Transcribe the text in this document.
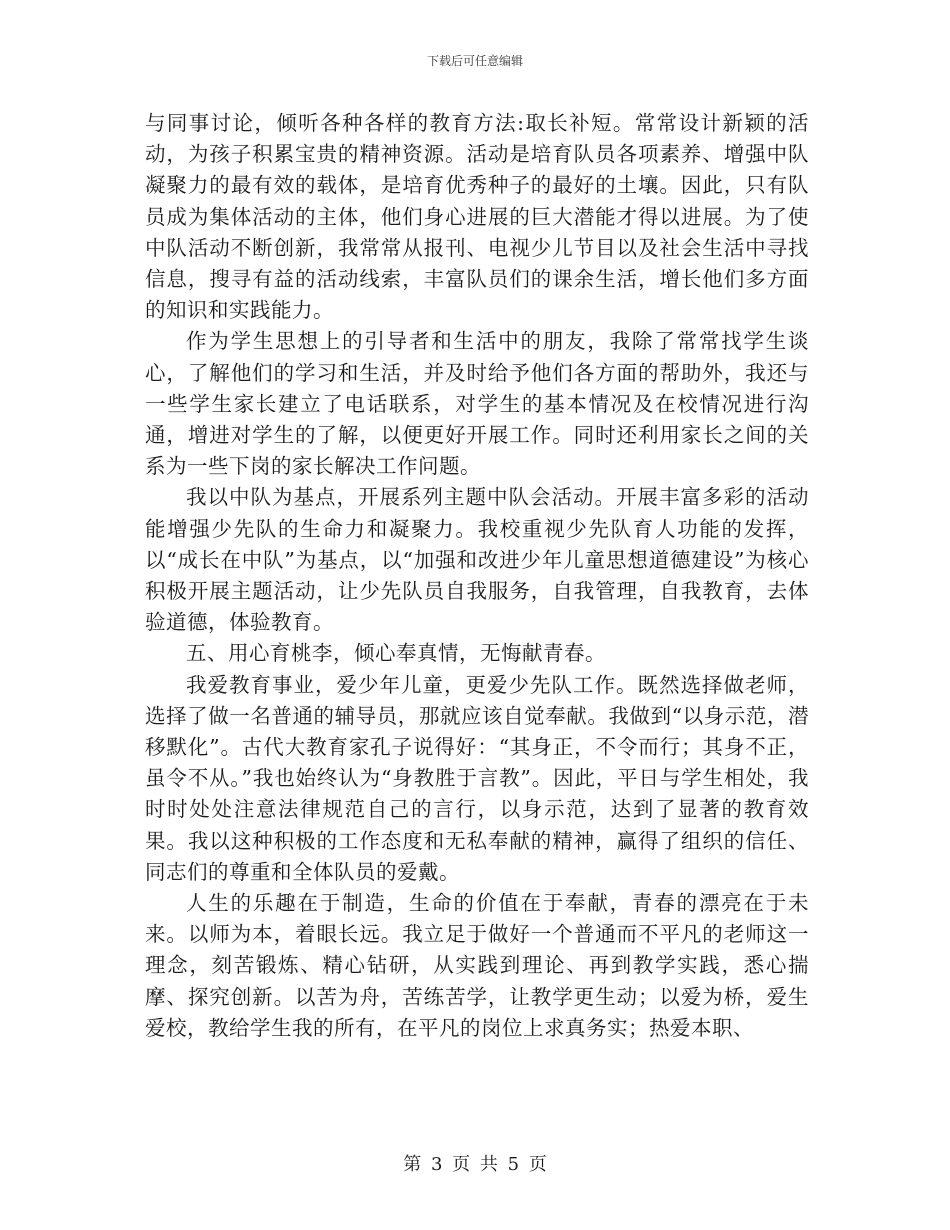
下载后可任意编辑

与同事讨论，倾听各种各样的教育方法:取长补短。常常设计新颖的活动，为孩子积累宝贵的精神资源。活动是培育队员各项素养、增强中队凝聚力的最有效的载体，是培育优秀种子的最好的土壤。因此，只有队员成为集体活动的主体，他们身心进展的巨大潜能才得以进展。为了使中队活动不断创新，我常常从报刊、电视少儿节目以及社会生活中寻找信息，搜寻有益的活动线索，丰富队员们的课余生活，增长他们多方面的知识和实践能力。

作为学生思想上的引导者和生活中的朋友，我除了常常找学生谈心，了解他们的学习和生活，并及时给予他们各方面的帮助外，我还与一些学生家长建立了电话联系，对学生的基本情况及在校情况进行沟通，增进对学生的了解，以便更好开展工作。同时还利用家长之间的关系为一些下岗的家长解决工作问题。

我以中队为基点，开展系列主题中队会活动。开展丰富多彩的活动能增强少先队的生命力和凝聚力。我校重视少先队育人功能的发挥，以“成长在中队”为基点，以“加强和改进少年儿童思想道德建设”为核心积极开展主题活动，让少先队员自我服务，自我管理，自我教育，去体验道德，体验教育。

五、用心育桃李，倾心奉真情，无悔献青春。

我爱教育事业，爱少年儿童，更爱少先队工作。既然选择做老师，选择了做一名普通的辅导员，那就应该自觉奉献。我做到“以身示范，潜移默化”。古代大教育家孔子说得好：“其身正，不令而行；其身不正，虽令不从。”我也始终认为“身教胜于言教”。因此，平日与学生相处，我时时处处注意法律规范自己的言行，以身示范，达到了显著的教育效果。我以这种积极的工作态度和无私奉献的精神，赢得了组织的信任、同志们的尊重和全体队员的爱戴。

人生的乐趣在于制造，生命的价值在于奉献，青春的漂亮在于未来。以师为本，着眼长远。我立足于做好一个普通而不平凡的老师这一理念，刻苦锻炼、精心钻研，从实践到理论、再到教学实践，悉心揣摩、探究创新。以苦为舟，苦练苦学，让教学更生动；以爱为桥，爱生爱校，教给学生我的所有，在平凡的岗位上求真务实；热爱本职、

第 3 页 共 5 页
